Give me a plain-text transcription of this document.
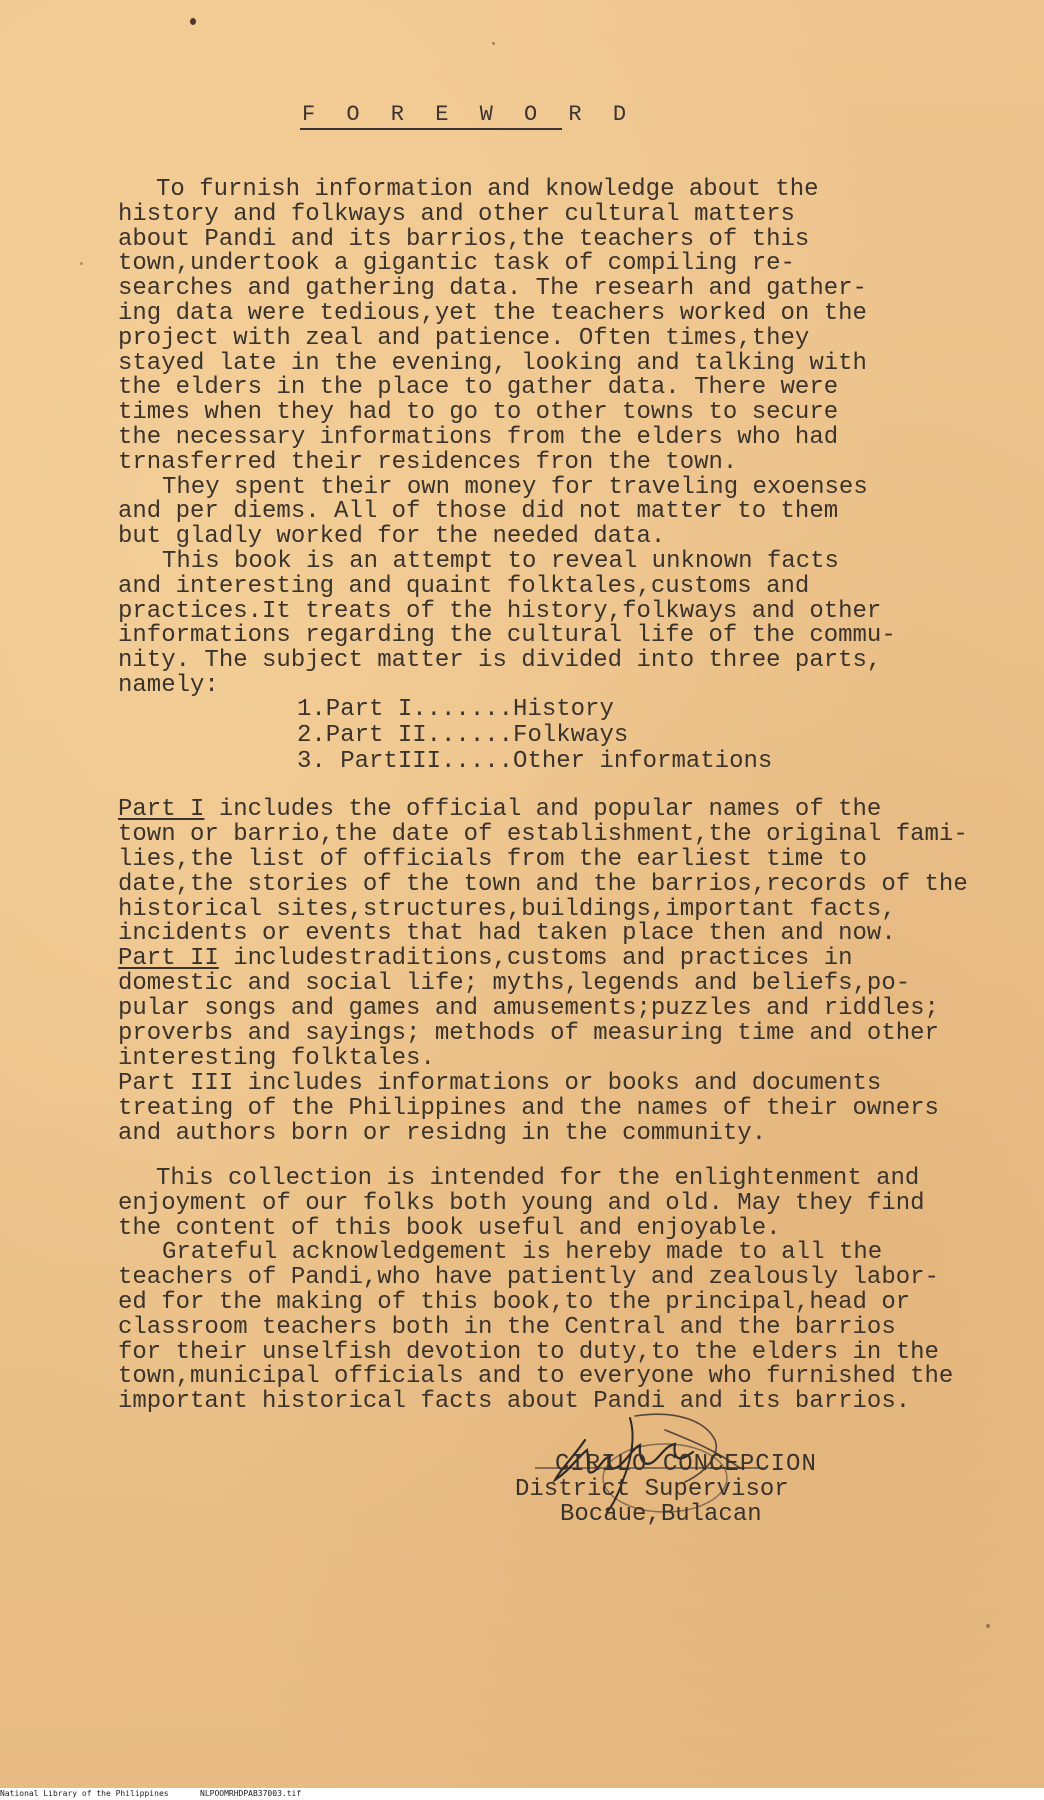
F O R E W O R D
To furnish information and knowledge about the
history and folkways and other cultural matters
about Pandi and its barrios,the teachers of this
town,undertook a gigantic task of compiling re-
searches and gathering data. The researh and gather-
ing data were tedious,yet the teachers worked on the
project with zeal and patience. Often times,they
stayed late in the evening, looking and talking with
the elders in the place to gather data. There were
times when they had to go to other towns to secure
the necessary informations from the elders who had
trnasferred their residences fron the town.
They spent their own money for traveling exoenses
and per diems. All of those did not matter to them
but gladly worked for the needed data.
This book is an attempt to reveal unknown facts
and interesting and quaint folktales,customs and
practices.It treats of the history,folkways and other
informations regarding the cultural life of the commu-
nity. The subject matter is divided into three parts,
namely:
1.Part I.......History
2.Part II......Folkways
3. PartIII.....Other informations
Part I includes the official and popular names of the
town or barrio,the date of establishment,the original fami-
lies,the list of officials from the earliest time to
date,the stories of the town and the barrios,records of the
historical sites,structures,buildings,important facts,
incidents or events that had taken place then and now.
Part II includestraditions,customs and practices in
domestic and social life; myths,legends and beliefs,po-
pular songs and games and amusements;puzzles and riddles;
proverbs and sayings; methods of measuring time and other
interesting folktales.
Part III includes informations or books and documents
treating of the Philippines and the names of their owners
and authors born or residng in the community.
This collection is intended for the enlightenment and
enjoyment of our folks both young and old. May they find
the content of this book useful and enjoyable.
Grateful acknowledgement is hereby made to all the
teachers of Pandi,who have patiently and zealously labor-
ed for the making of this book,to the principal,head or
classroom teachers both in the Central and the barrios
for their unselfish devotion to duty,to the elders in the
town,municipal officials and to everyone who furnished the
important historical facts about Pandi and its barrios.
CIRILO CONCEPCION
District Supervisor
Bocaue,Bulacan
National Library of the Philippines	NLPOOMRHDPAB37003.tif
